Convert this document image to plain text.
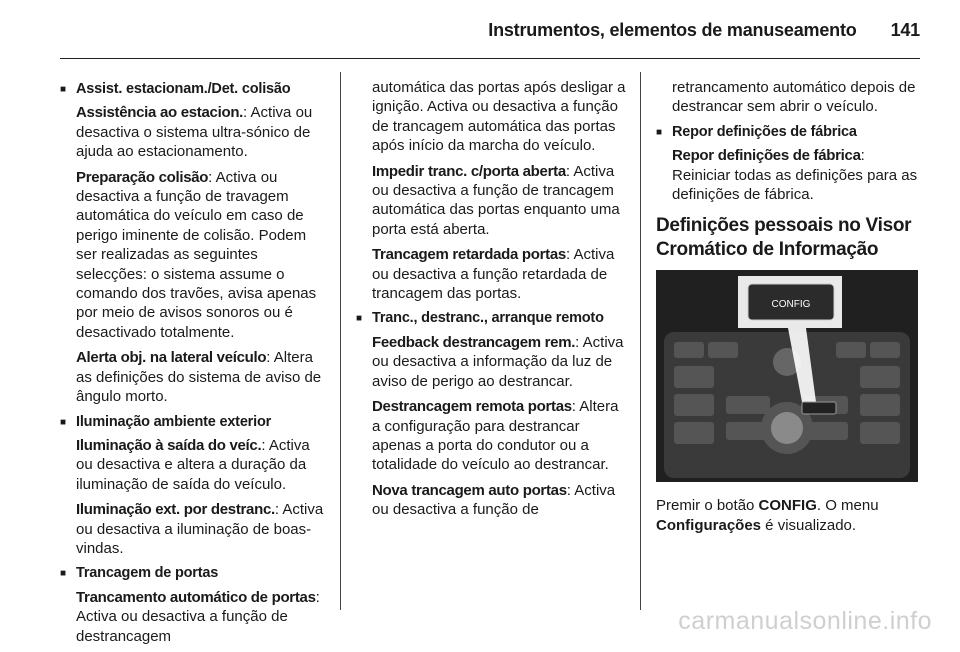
Instrumentos, elementos de manuseamento 141
■ Assist. estacionam./Det. colisão
Assistência ao estacion.: Activa ou desactiva o sistema ultra-sónico de ajuda ao estacionamento.
Preparação colisão: Activa ou desactiva a função de travagem automática do veículo em caso de perigo iminente de colisão. Podem ser realizadas as seguintes selecções: o sistema assume o comando dos travões, avisa apenas por meio de avisos sonoros ou é desactivado totalmente.
Alerta obj. na lateral veículo: Altera as definições do sistema de aviso de ângulo morto.
■ Iluminação ambiente exterior
Iluminação à saída do veíc.: Activa ou desactiva e altera a duração da iluminação de saída do veículo.
Iluminação ext. por destranc.: Activa ou desactiva a iluminação de boas-vindas.
■ Trancagem de portas
Trancamento automático de portas: Activa ou desactiva a função de destrancagem
automática das portas após desligar a ignição. Activa ou desactiva a função de trancagem automática das portas após início da marcha do veículo.
Impedir tranc. c/porta aberta: Activa ou desactiva a função de trancagem automática das portas enquanto uma porta está aberta.
Trancagem retardada portas: Activa ou desactiva a função retardada de trancagem das portas.
■ Tranc., destranc., arranque remoto
Feedback destrancagem rem.: Activa ou desactiva a informação da luz de aviso de perigo ao destrancar.
Destrancagem remota portas: Altera a configuração para destrancar apenas a porta do condutor ou a totalidade do veículo ao destrancar.
Nova trancagem auto portas: Activa ou desactiva a função de
retrancamento automático depois de destrancar sem abrir o veículo.
■ Repor definições de fábrica
Repor definições de fábrica: Reiniciar todas as definições para as definições de fábrica.
Definições pessoais no Visor Cromático de Informação
CONFIG

Premir o botão CONFIG. O menu Configurações é visualizado.

carmanualsonline.info
